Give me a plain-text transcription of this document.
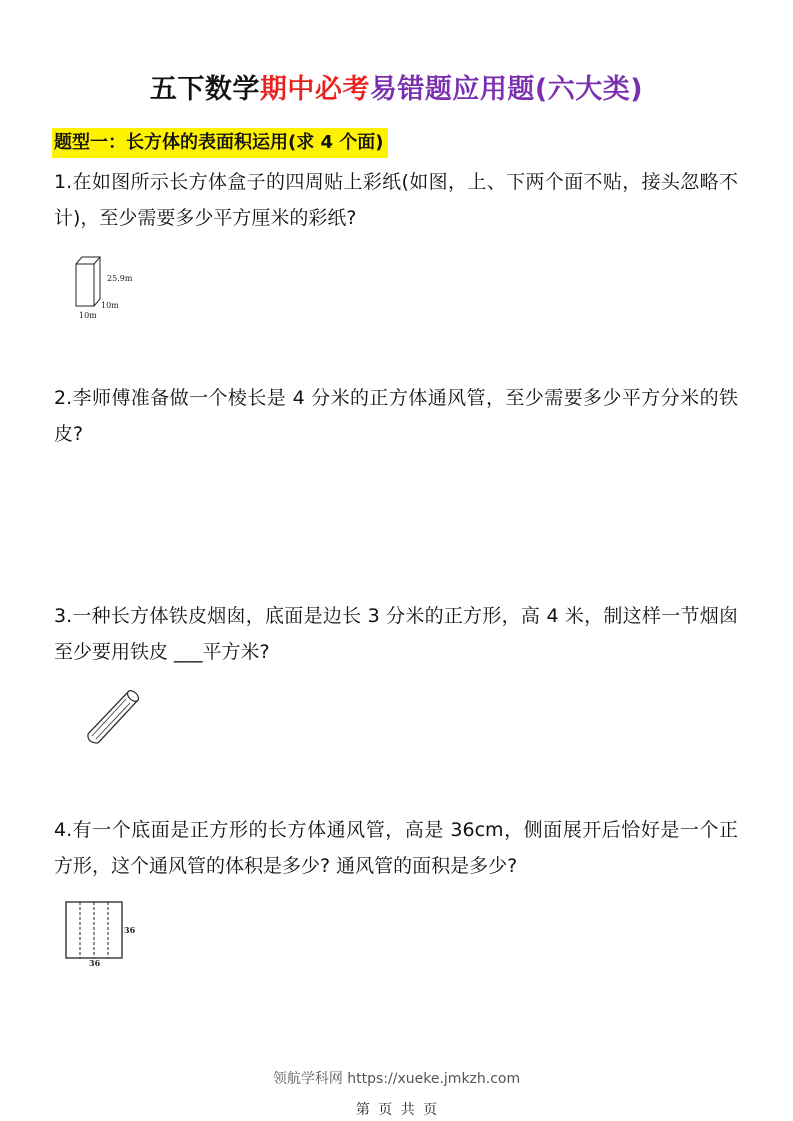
五下数学期中必考易错题应用题(六大类)
题型一：长方体的表面积运用(求 4 个面)
1.在如图所示长方体盒子的四周贴上彩纸(如图，上、下两个面不贴，接头忽略不计)，至少需要多少平方厘米的彩纸?
25.9m
10m
10m
2.李师傅准备做一个棱长是 4 分米的正方体通风管，至少需要多少平方分米的铁皮?
3.一种长方体铁皮烟囱，底面是边长 3 分米的正方形，高 4 米，制这样一节烟囱至少要用铁皮 ___平方米?
4.有一个底面是正方形的长方体通风管，高是 36cm，侧面展开后恰好是一个正方形，这个通风管的体积是多少? 通风管的面积是多少?
36
36
领航学科网 https://xueke.jmkzh.com
第 页 共 页
